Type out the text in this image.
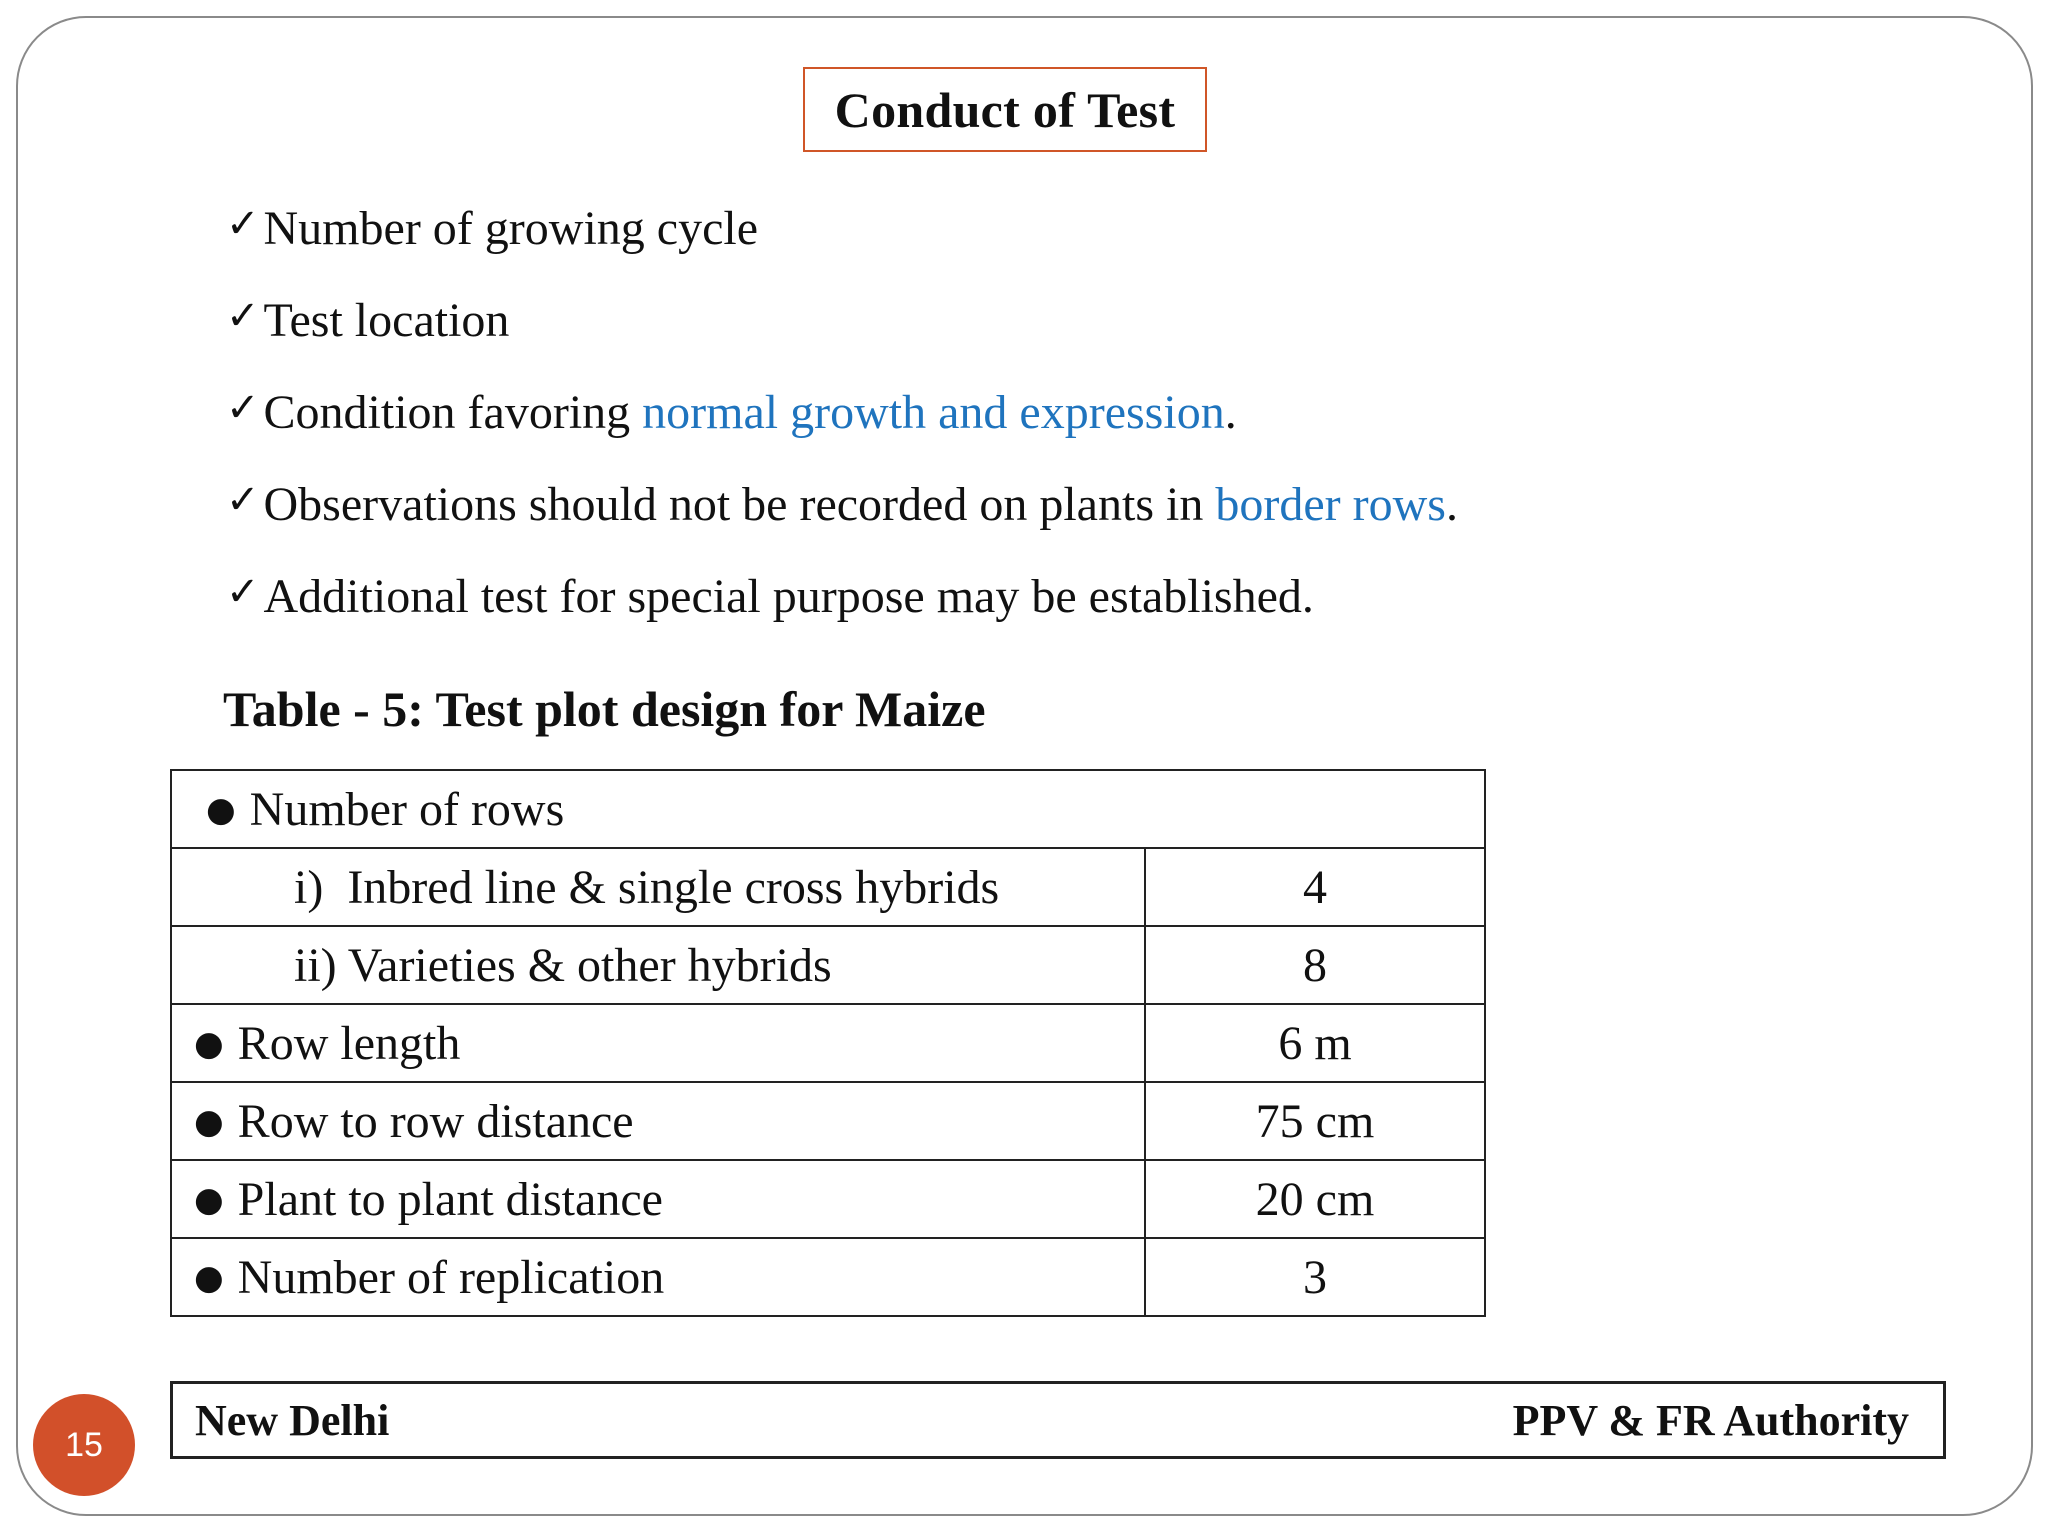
Conduct of Test
✓ Number of growing cycle
✓ Test location
✓ Condition favoring normal growth and expression.
✓ Observations should not be recorded on plants in border rows.
✓ Additional test for special purpose may be established.
Table - 5: Test plot design for Maize
● Number of rows	
i)  Inbred line & single cross hybrids	4
ii) Varieties & other hybrids	8
● Row length	6 m
● Row to row distance	75 cm
● Plant to plant distance	20 cm
● Number of replication	3
New Delhi	PPV & FR Authority
15
